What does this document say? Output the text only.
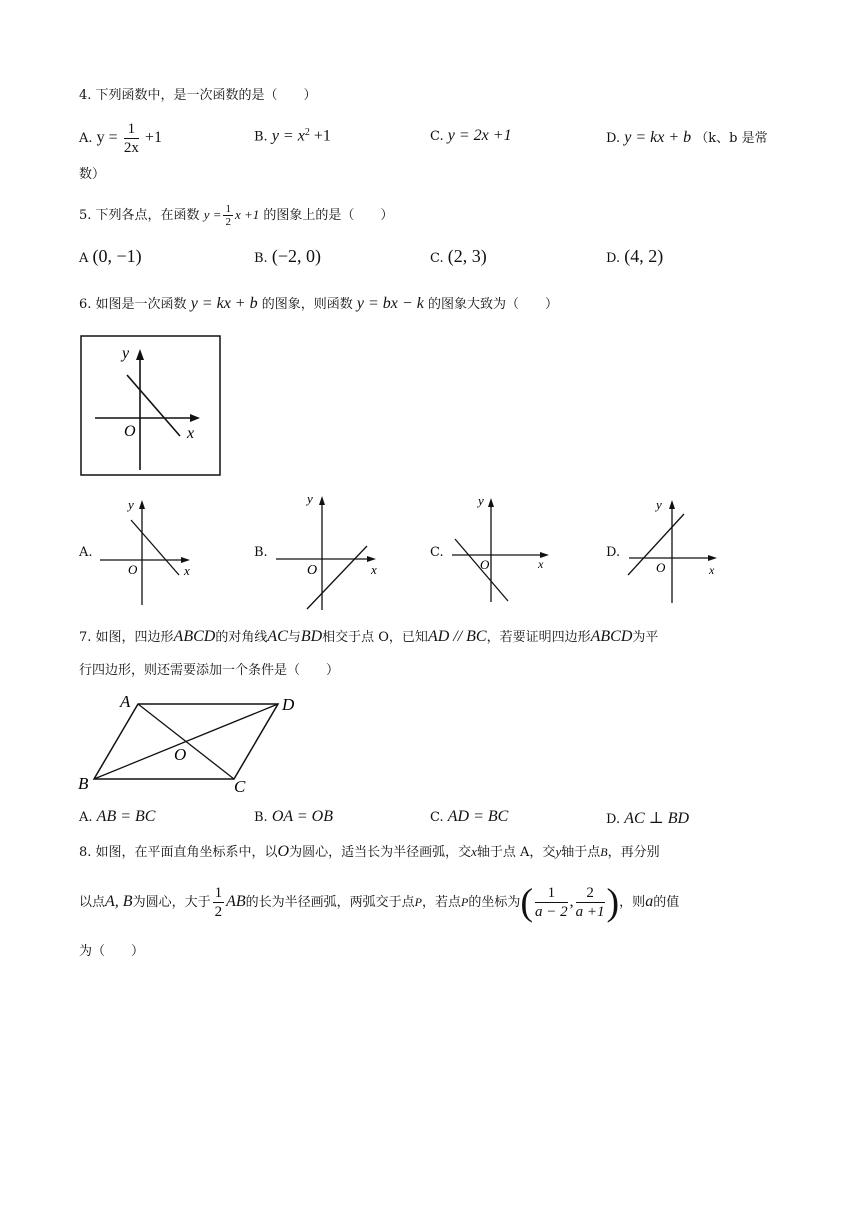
4. 下列函数中，是一次函数的是（　　）
A. $y = \frac{1}{2x} +1$	B. $y = x^2 +1$	C. y = 2x +1	D. y = kx + b （k、b 是常
数）
5. 下列各点，在函数 $y = \frac{1}{2}$ x +1 的图象上的是（　　）
A (0, −1)	B. (−2, 0)	C. (2, 3)	D. (4, 2)
6. 如图是一次函数 y = kx + b 的图象，则函数 y = bx − k 的图象大致为（　　）
y
x
O
A.
y
x
O
B.
y
x
O
C.
y
x
O
D.
y
x
O
7. 如图，四边形ABCD的对角线AC与BD相交于点 O，已知AD // BC，若要证明四边形ABCD为平
行四边形，则还需要添加一个条件是（　　）
A	D
B	C
O
A. AB = BC	B. OA = OB	C. AD = BC	D. AC ⊥ BD
8. 如图，在平面直角坐标系中，以O为圆心，适当长为半径画弧，交x轴于点 A，交y轴于点B，再分别
以点A, B为圆心，大于 $\frac{1}{2}$ AB的长为半径画弧，两弧交于点P，若点P的坐标为( $\frac{1}{a - 2}$ , $\frac{2}{a +1}$ )，则a的值
为（　　）
